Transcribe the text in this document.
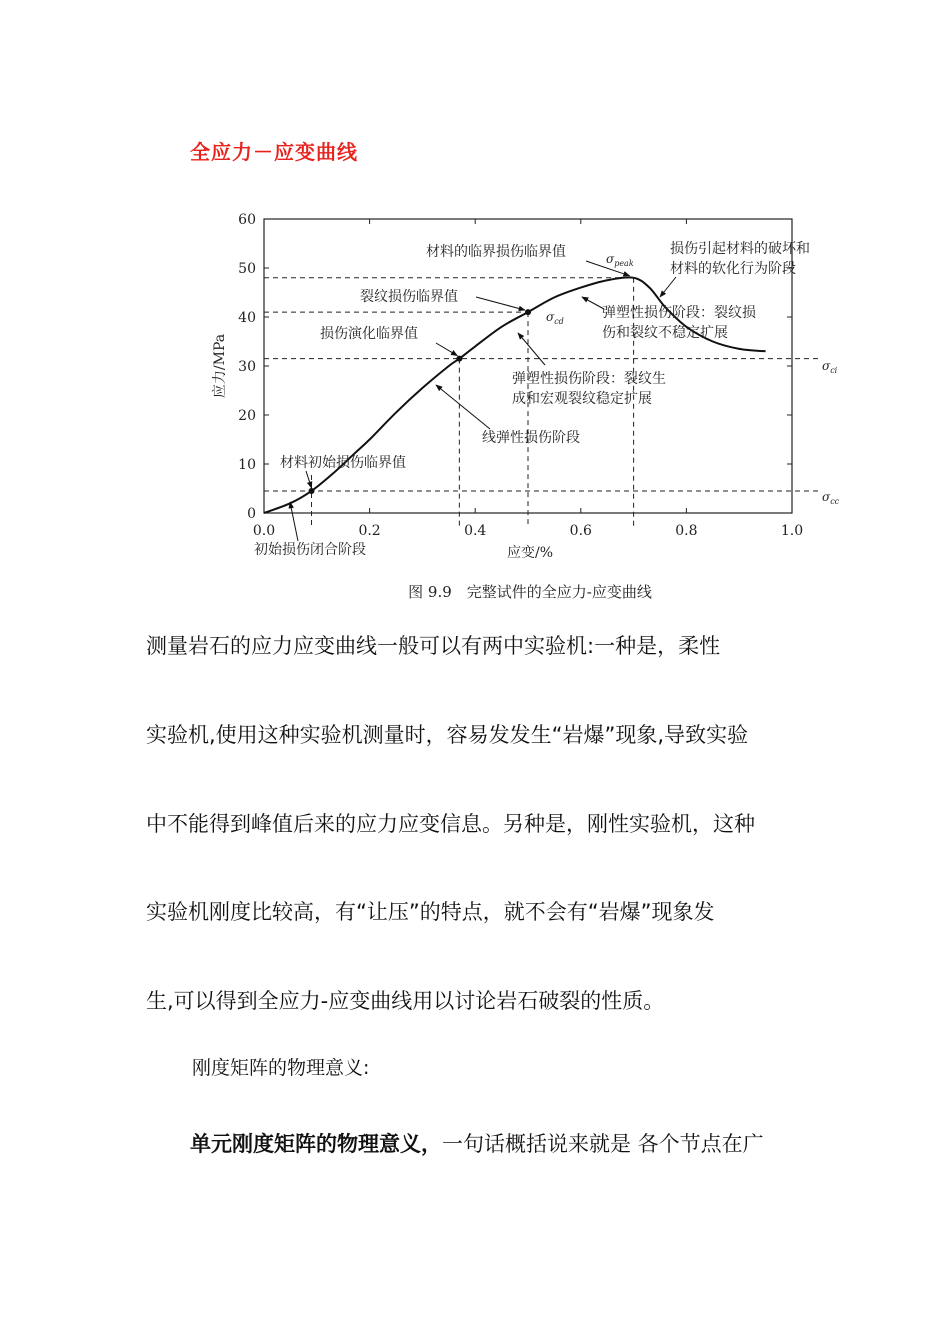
全应力－应变曲线
0
10
20
30
40
50
60
0.0	0.2	0.4	0.6	0.8	1.0
应力/MPa
应变/%
$\sigma_{peak}$
$\sigma_{cd}$
$\sigma_{ci}$
$\sigma_{cc}$
材料的临界损伤临界值	损伤引起材料的破坏和
材料的软化行为阶段
裂纹损伤临界值
弹塑性损伤阶段：裂纹损
伤和裂纹不稳定扩展
损伤演化临界值
弹塑性损伤阶段：裂纹生
成和宏观裂纹稳定扩展
线弹性损伤阶段
材料初始损伤临界值
初始损伤闭合阶段
图 9.9　完整试件的全应力-应变曲线
测量岩石的应力应变曲线一般可以有两中实验机:一种是，柔性
实验机,使用这种实验机测量时，容易发发生“岩爆”现象,导致实验
中不能得到峰值后来的应力应变信息。另种是，刚性实验机，这种
实验机刚度比较高，有“让压”的特点，就不会有“岩爆”现象发
生,可以得到全应力-应变曲线用以讨论岩石破裂的性质。
刚度矩阵的物理意义:
单元刚度矩阵的物理意义，一句话概括说来就是 各个节点在广
